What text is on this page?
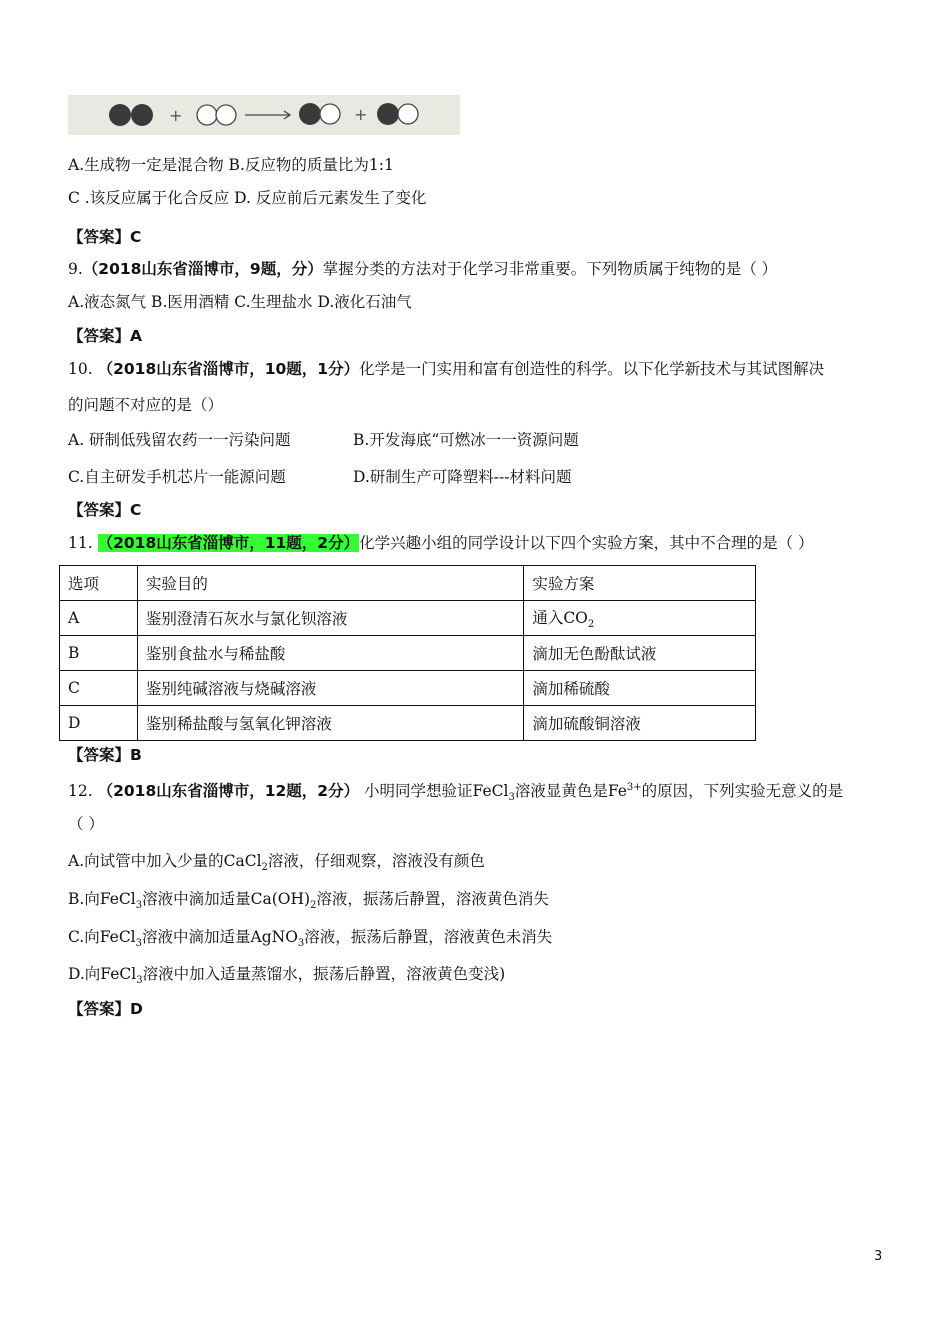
+	+
A.生成物一定是混合物 B.反应物的质量比为1:1
C .该反应属于化合反应 D. 反应前后元素发生了变化
【答案】C
9.（2018山东省淄博市，9题，分）掌握分类的方法对于化学习非常重要。下列物质属于纯物的是（ ）
A.液态氮气 B.医用酒精 C.生理盐水 D.液化石油气
【答案】A
10. （2018山东省淄博市，10题，1分）化学是一门实用和富有创造性的科学。以下化学新技术与其试图解决
的问题不对应的是（）
A. 研制低残留农药一一污染问题	B.开发海底“可燃冰一一资源问题
C.自主研发手机芯片一能源问题	D.研制生产可降塑料---材料问题
【答案】C
11. （2018山东省淄博市，11题，2分）化学兴趣小组的同学设计以下四个实验方案，其中不合理的是（ ）
选项	实验目的	实验方案
A	鉴别澄清石灰水与氯化钡溶液	通入$CO_2$
B	鉴别食盐水与稀盐酸	滴加无色酚酞试液
C	鉴别纯碱溶液与烧碱溶液	滴加稀硫酸
D	鉴别稀盐酸与氢氧化钾溶液	滴加硫酸铜溶液
【答案】B
12. （2018山东省淄博市，12题，2分） 小明同学想验证FeCl$_3$溶液显黄色是$Fe^{3+}$的原因，下列实验无意义的是
（ ）
A.向试管中加入少量的CaCl$_2$溶液，仔细观察，溶液没有颜色
B.向FeCl$_3$溶液中滴加适量$Ca(OH)_2$溶液，振荡后静置，溶液黄色消失
C.向FeCl$_3$溶液中滴加适量AgNO$_3$溶液，振荡后静置，溶液黄色未消失
D.向FeCl$_3$溶液中加入适量蒸馏水，振荡后静置，溶液黄色变浅)
【答案】D
3
